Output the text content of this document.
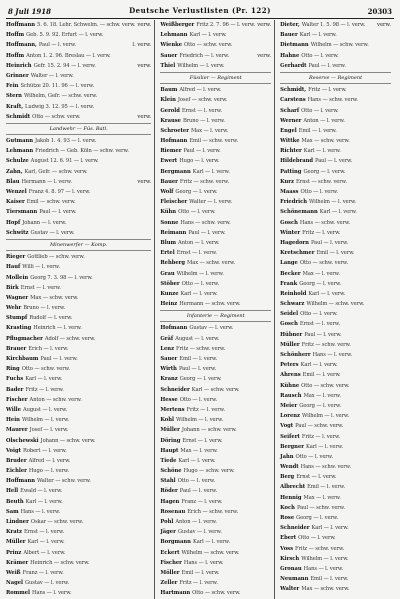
8 Juli 1918	Deutsche Verlustlisten (Pr. 122)	20303
Hoffmann 5. 6. 18. Lehr. Schwelm. — schw. verw. verw.
Hoffm Geb. 5. 9. 92. Erfurt — l. verw.
Hoffmann, Paul — l. verw.	l. verw.
Hoffm Anton 1. 2. 96. Breslau — l. verw.
Heinrich Gefr. 15. 2. 94 — l. verw.	verw.
Grinner Walter — l. verw.
Fein Schütze 20. 11. 96 — l. verw.
Stern Wilhelm, Gefr. — schw. verw.
Kraft, Ludwig 3. 12. 95 — l. verw.
Schmidt Otto — schw. verw.	verw.
Landwehr — Füs. Batl.
Gutmann Jakob 1. 4. 93 — l. verw.
Lehmann Friedrich — Geb. Köln — schw. verw.
Schulze August 12. 6. 91 — l. verw.
Zahn, Karl, Gefr. — schw. verw.
Blau Hermann — l. verw.	verw.
Wenzel Franz 4. 8. 97 — l. verw.
Kaiser Emil — schw. verw.
Tiersmann Paul — l. verw.
Hopf Johann — l. verw.
Schwitz Gustav — l. verw.
Minenwerfer — Komp.
Rieger Gottlieb — schw. verw.
Hauf Willi — l. verw.
Mollein Georg 7. 3. 98 — l. verw.
Birk Ernst — l. verw.
Wagner Max — schw. verw.
Wehr Bruno — l. verw.
Stumpf Rudolf — l. verw.
Krasting Heinrich — l. verw.
Pflugmacher Adolf — schw. verw.
Brauer Erich — l. verw.
Kirchbaum Paul — l. verw.
Ring Otto — schw. verw.
Fuchs Karl — l. verw.
Bader Fritz — l. verw.
Fischer Anton — schw. verw.
Wille August — l. verw.
Hein Wilhelm — l. verw.
Maurer Josef — l. verw.
Olschewski Johann — schw. verw.
Voigt Robert — l. verw.
Bruder Alfred — l. verw.
Eichler Hugo — l. verw.
Hoffmann Walter — schw. verw.
Hell Ewald — l. verw.
Beuth Karl — l. verw.
Sam Hans — l. verw.
Lindner Oskar — schw. verw.
Kratz Ernst — l. verw.
Müller Karl — l. verw.
Prinz Albert — l. verw.
Krämer Heinrich — schw. verw.
Weiß Franz — l. verw.
Nagel Gustav — l. verw.
Rommel Hans — l. verw.
Weißberger Fritz 2. 7. 96 — l. verw. verw.
Lehmann Karl — l. verw.
Wienke Otto — schw. verw.
Sauer Friedrich — l. verw.	verw.
Thiel Wilhelm — l. verw.
Füsilier — Regiment
Baum Alfred — l. verw.
Klein Josef — schw. verw.
Gerold Ernst — l. verw.
Krause Bruno — l. verw.
Schroeter Max — l. verw.
Hofmann Emil — schw. verw.
Riemer Paul — l. verw.
Ewert Hugo — l. verw.
Bergmann Karl — l. verw.
Bauer Fritz — schw. verw.
Wolf Georg — l. verw.
Fleischer Walter — l. verw.
Kühn Otto — l. verw.
Sonne Hans — schw. verw.
Reimann Paul — l. verw.
Blum Anton — l. verw.
Ertel Ernst — l. verw.
Rehberg Max — schw. verw.
Grau Wilhelm — l. verw.
Stöber Otto — l. verw.
Kunze Karl — l. verw.
Heinz Hermann — schw. verw.
Infanterie — Regiment
Hofmann Gustav — l. verw.
Gräf August — l. verw.
Lenz Fritz — schw. verw.
Sauer Emil — l. verw.
Wirth Paul — l. verw.
Kranz Georg — l. verw.
Schneider Karl — schw. verw.
Hesse Otto — l. verw.
Mertens Fritz — l. verw.
Kohl Wilhelm — l. verw.
Müller Johann — schw. verw.
Döring Ernst — l. verw.
Haupt Max — l. verw.
Tiede Karl — l. verw.
Schöne Hugo — schw. verw.
Stahl Otto — l. verw.
Röder Paul — l. verw.
Hagen Franz — l. verw.
Rosenau Erich — schw. verw.
Pohl Anton — l. verw.
Jäger Gustav — l. verw.
Borgmann Karl — l. verw.
Eckert Wilhelm — schw. verw.
Fischer Hans — l. verw.
Möller Emil — l. verw.
Zeller Fritz — l. verw.
Hartmann Otto — schw. verw.
Dieter, Walter 1. 5. 98 — l. verw.	verw.
Bauer Karl — l. verw.
Dietmann Wilhelm — schw. verw.
Hahne Otto — l. verw.
Gerhardt Paul — l. verw.
Reserve — Regiment
Schmidt, Fritz — l. verw.
Carstens Hans — schw. verw.
Scharf Otto — l. verw.
Werner Anton — l. verw.
Engel Emil — l. verw.
Wittke Max — schw. verw.
Richter Karl — l. verw.
Hildebrand Paul — l. verw.
Patting Georg — l. verw.
Kurz Ernst — schw. verw.
Maass Otto — l. verw.
Friedrich Wilhelm — l. verw.
Schönemann Karl — l. verw.
Gosch Hans — schw. verw.
Winter Fritz — l. verw.
Hagedorn Paul — l. verw.
Kretschmer Emil — l. verw.
Lange Otto — schw. verw.
Becker Max — l. verw.
Frank Georg — l. verw.
Reinhold Karl — l. verw.
Schwarz Wilhelm — schw. verw.
Seidel Otto — l. verw.
Gosch Ernst — l. verw.
Hübner Paul — l. verw.
Müller Fritz — schw. verw.
Schönherr Hans — l. verw.
Peters Karl — l. verw.
Ahrens Emil — l. verw.
Kühne Otto — schw. verw.
Rausch Max — l. verw.
Meier Georg — l. verw.
Lorenz Wilhelm — l. verw.
Vogt Paul — schw. verw.
Seifert Fritz — l. verw.
Bergner Karl — l. verw.
Jahn Otto — l. verw.
Wendt Hans — schw. verw.
Berg Ernst — l. verw.
Albrecht Emil — l. verw.
Hennig Max — l. verw.
Koch Paul — schw. verw.
Rose Georg — l. verw.
Schneider Karl — l. verw.
Ebert Otto — l. verw.
Voss Fritz — schw. verw.
Kirsch Wilhelm — l. verw.
Gronau Hans — l. verw.
Neumann Emil — l. verw.
Walter Max — schw. verw.
